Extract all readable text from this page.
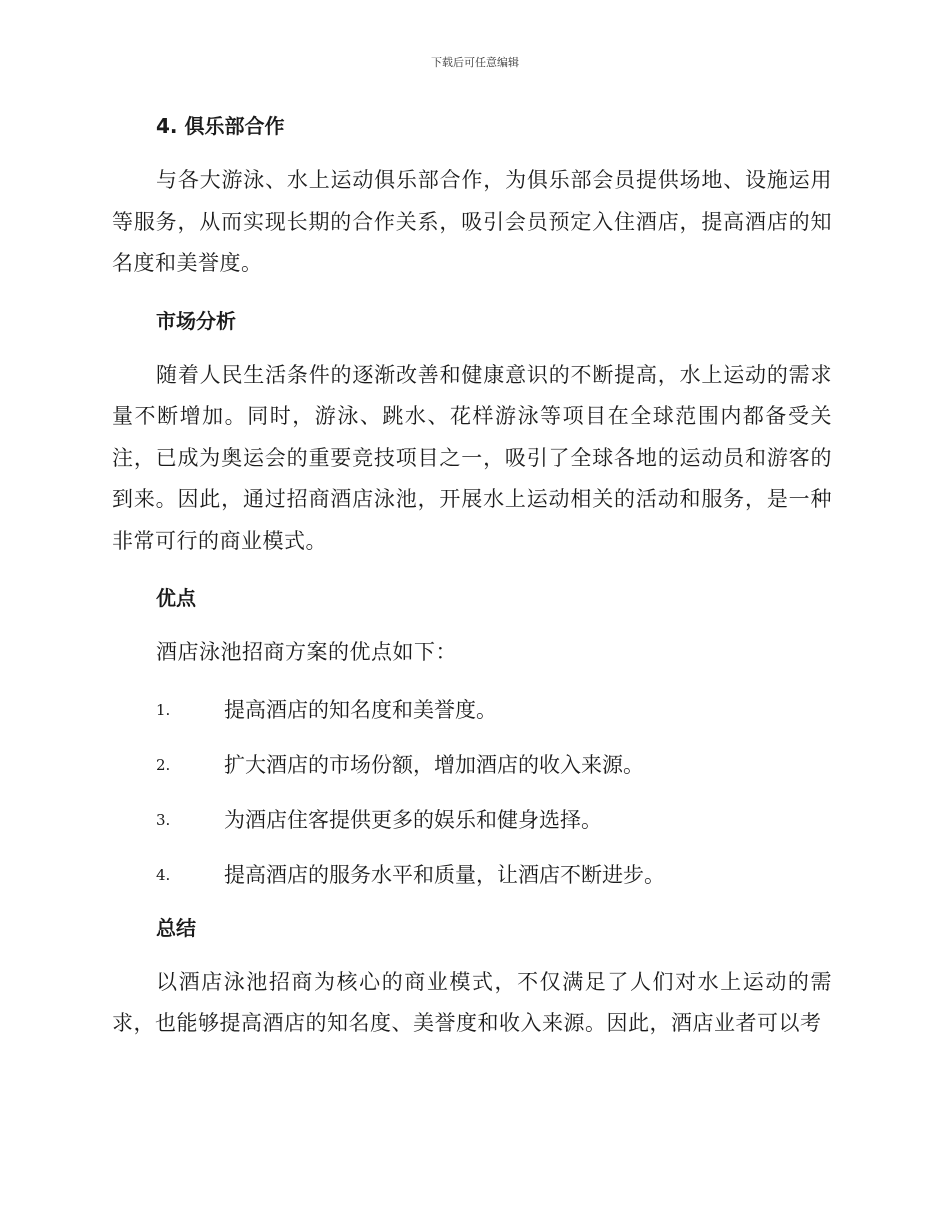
下载后可任意编辑
4. 俱乐部合作

与各大游泳、水上运动俱乐部合作，为俱乐部会员提供场地、设施运用等服务，从而实现长期的合作关系，吸引会员预定入住酒店，提高酒店的知名度和美誉度。

市场分析

随着人民生活条件的逐渐改善和健康意识的不断提高，水上运动的需求量不断增加。同时，游泳、跳水、花样游泳等项目在全球范围内都备受关注，已成为奥运会的重要竞技项目之一，吸引了全球各地的运动员和游客的到来。因此，通过招商酒店泳池，开展水上运动相关的活动和服务，是一种非常可行的商业模式。

优点

酒店泳池招商方案的优点如下：

1.	提高酒店的知名度和美誉度。
2.	扩大酒店的市场份额，增加酒店的收入来源。
3.	为酒店住客提供更多的娱乐和健身选择。
4.	提高酒店的服务水平和质量，让酒店不断进步。
总结

以酒店泳池招商为核心的商业模式，不仅满足了人们对水上运动的需求，也能够提高酒店的知名度、美誉度和收入来源。因此，酒店业者可以考
